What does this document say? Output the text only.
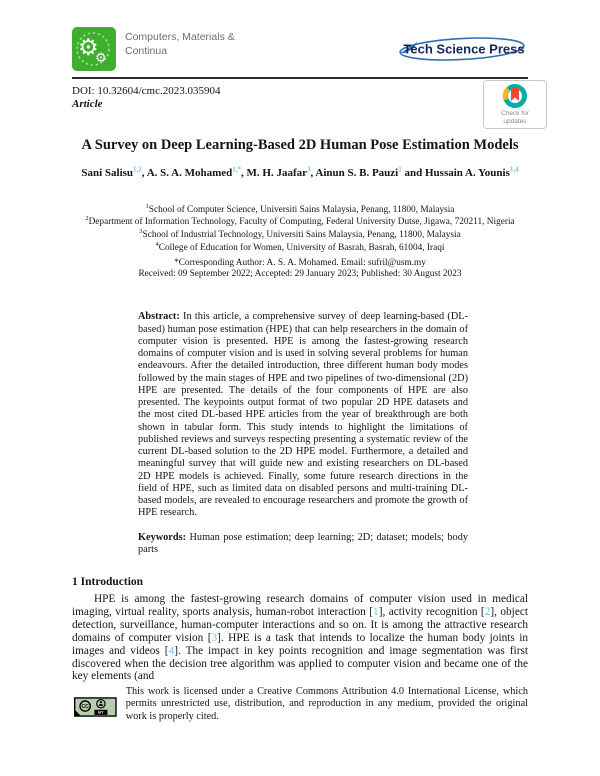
⚙
⚙
Computers, Materials &
Continua	Tech Science Press
DOI: 10.32604/cmc.2023.035904
Article
Check for
updates

A Survey on Deep Learning-Based 2D Human Pose Estimation Models

Sani Salisu$^{1,2}$, A. S. A. Mohamed$^{1,*}$, M. H. Jaafar$^3$, Ainun S. B. Pauzi$^1$ and Hussain A. Younis$^{1,4}$

$^1$School of Computer Science, Universiti Sains Malaysia, Penang, 11800, Malaysia
$^2$Department of Information Technology, Faculty of Computing, Federal University Dutse, Jigawa, 720211, Nigeria
$^3$School of Industrial Technology, Universiti Sains Malaysia, Penang, 11800, Malaysia
$^4$College of Education for Women, University of Basrah, Basrah, 61004, Iraqi
*Corresponding Author: A. S. A. Mohamed. Email: sufril@usm.my
Received: 09 September 2022; Accepted: 29 January 2023; Published: 30 August 2023

Abstract: In this article, a comprehensive survey of deep learning-based (DL-based) human pose estimation (HPE) that can help researchers in the domain of computer vision is presented. HPE is among the fastest-growing research domains of computer vision and is used in solving several problems for human endeavours. After the detailed introduction, three different human body modes followed by the main stages of HPE and two pipelines of two-dimensional (2D) HPE are presented. The details of the four components of HPE are also presented. The keypoints output format of two popular 2D HPE datasets and the most cited DL-based HPE articles from the year of breakthrough are both shown in tabular form. This study intends to highlight the limitations of published reviews and surveys respecting presenting a systematic review of the current DL-based solution to the 2D HPE model. Furthermore, a detailed and meaningful survey that will guide new and existing researchers on DL-based 2D HPE models is achieved. Finally, some future research directions in the field of HPE, such as limited data on disabled persons and multi-training DL-based models, are revealed to encourage researchers and promote the growth of HPE research.

Keywords: Human pose estimation; deep learning; 2D; dataset; models; body parts

1 Introduction

HPE is among the fastest-growing research domains of computer vision used in medical imaging, virtual reality, sports analysis, human-robot interaction [1], activity recognition [2], object detection, surveillance, human-computer interactions and so on. It is among the attractive research domains of computer vision [3]. HPE is a task that intends to localize the human body joints in images and videos [4]. The impact in key points recognition and image segmentation was first discovered when the decision tree algorithm was applied to computer vision and became one of the key elements (and

CC
BY
This work is licensed under a Creative Commons Attribution 4.0 International License, which permits unrestricted use, distribution, and reproduction in any medium, provided the original work is properly cited.
